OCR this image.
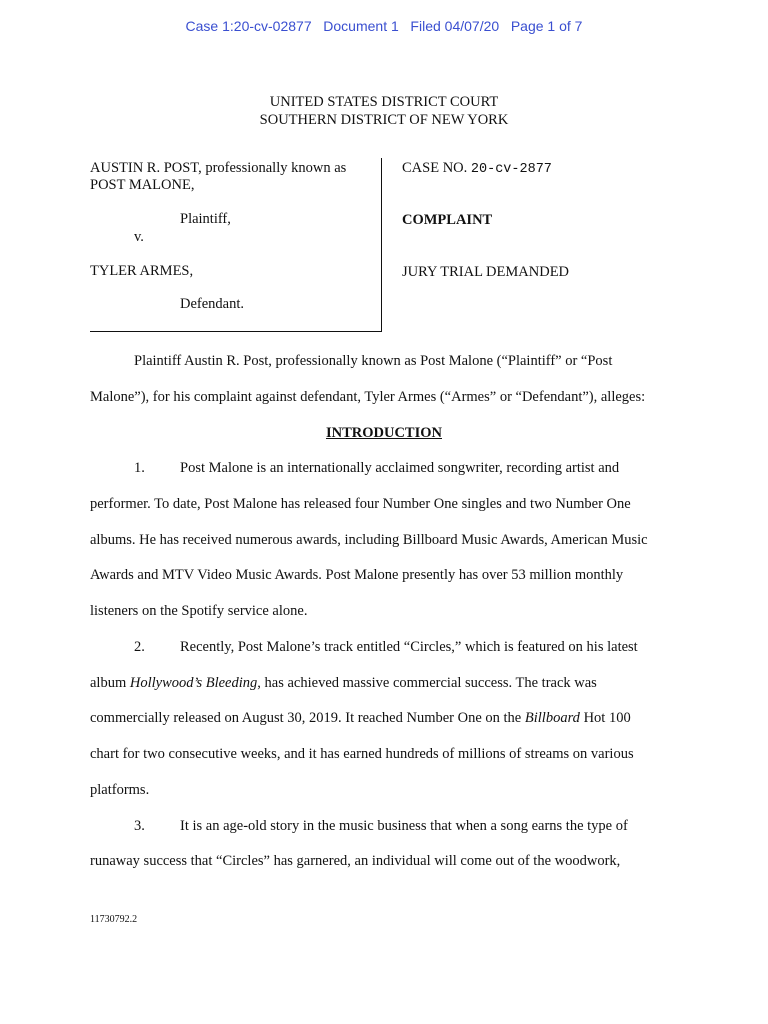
Case 1:20-cv-02877   Document 1   Filed 04/07/20   Page 1 of 7
UNITED STATES DISTRICT COURT
SOUTHERN DISTRICT OF NEW YORK
AUSTIN R. POST, professionally known as
POST MALONE,
Plaintiff,
v.
TYLER ARMES,
Defendant.
CASE NO. 20-cv-2877
COMPLAINT
JURY TRIAL DEMANDED
Plaintiff Austin R. Post, professionally known as Post Malone (“Plaintiff” or “Post
Malone”), for his complaint against defendant, Tyler Armes (“Armes” or “Defendant”), alleges:
INTRODUCTION
1. Post Malone is an internationally acclaimed songwriter, recording artist and
performer. To date, Post Malone has released four Number One singles and two Number One
albums. He has received numerous awards, including Billboard Music Awards, American Music
Awards and MTV Video Music Awards. Post Malone presently has over 53 million monthly
listeners on the Spotify service alone.
2. Recently, Post Malone’s track entitled “Circles,” which is featured on his latest
album Hollywood’s Bleeding, has achieved massive commercial success. The track was
commercially released on August 30, 2019. It reached Number One on the Billboard Hot 100
chart for two consecutive weeks, and it has earned hundreds of millions of streams on various
platforms.
3. It is an age-old story in the music business that when a song earns the type of
runaway success that “Circles” has garnered, an individual will come out of the woodwork,
11730792.2
